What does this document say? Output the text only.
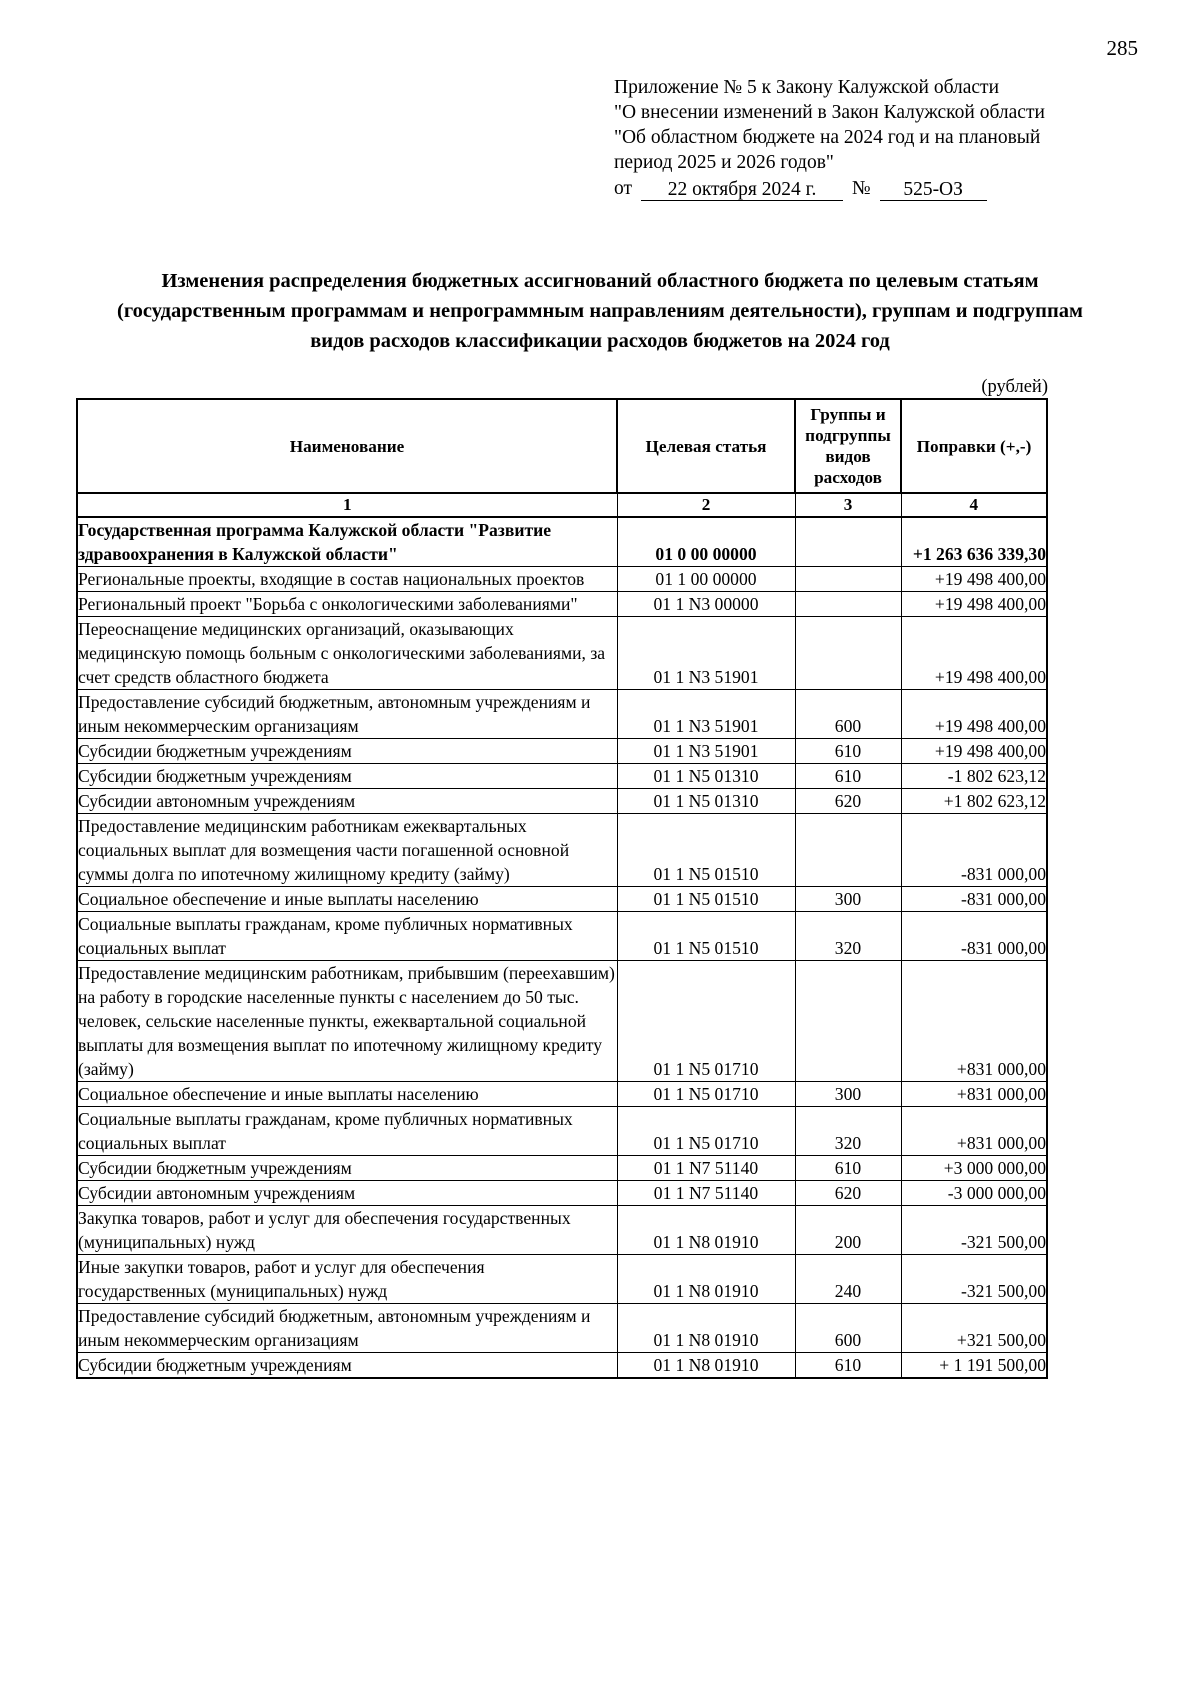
285
Приложение № 5 к Закону Калужской области
"О внесении изменений в Закон Калужской области
"Об областном бюджете на 2024 год и на плановый
период 2025 и 2026 годов"
от	22 октября 2024 г.	№	525-ОЗ
Изменения распределения бюджетных ассигнований областного бюджета по целевым статьям (государственным программам и непрограммным направлениям деятельности), группам и подгруппам видов расходов классификации расходов бюджетов на 2024 год
(рублей)
Наименование	Целевая статья	Группы и подгруппы видов расходов	Поправки (+,-)
1	2	3	4
Государственная программа Калужской области "Развитие здравоохранения в Калужской области"	01 0 00 00000		+1 263 636 339,30
Региональные проекты, входящие в состав национальных проектов	01 1 00 00000		+19 498 400,00
Региональный проект "Борьба с онкологическими заболеваниями"	01 1 N3 00000		+19 498 400,00
Переоснащение медицинских организаций, оказывающих медицинскую помощь больным с онкологическими заболеваниями, за счет средств областного бюджета	01 1 N3 51901		+19 498 400,00
Предоставление субсидий бюджетным, автономным учреждениям и иным некоммерческим организациям	01 1 N3 51901	600	+19 498 400,00
Субсидии бюджетным учреждениям	01 1 N3 51901	610	+19 498 400,00
Субсидии бюджетным учреждениям	01 1 N5 01310	610	-1 802 623,12
Субсидии автономным учреждениям	01 1 N5 01310	620	+1 802 623,12
Предоставление медицинским работникам ежеквартальных социальных выплат для возмещения части погашенной основной суммы долга по ипотечному жилищному кредиту (займу)	01 1 N5 01510		-831 000,00
Социальное обеспечение и иные выплаты населению	01 1 N5 01510	300	-831 000,00
Социальные выплаты гражданам, кроме публичных нормативных социальных выплат	01 1 N5 01510	320	-831 000,00
Предоставление медицинским работникам, прибывшим (переехавшим) на работу в городские населенные пункты с населением до 50 тыс. человек, сельские населенные пункты, ежеквартальной социальной выплаты для возмещения выплат по ипотечному жилищному кредиту (займу)	01 1 N5 01710		+831 000,00
Социальное обеспечение и иные выплаты населению	01 1 N5 01710	300	+831 000,00
Социальные выплаты гражданам, кроме публичных нормативных социальных выплат	01 1 N5 01710	320	+831 000,00
Субсидии бюджетным учреждениям	01 1 N7 51140	610	+3 000 000,00
Субсидии автономным учреждениям	01 1 N7 51140	620	-3 000 000,00
Закупка товаров, работ и услуг для обеспечения государственных (муниципальных) нужд	01 1 N8 01910	200	-321 500,00
Иные закупки товаров, работ и услуг для обеспечения государственных (муниципальных) нужд	01 1 N8 01910	240	-321 500,00
Предоставление субсидий бюджетным, автономным учреждениям и иным некоммерческим организациям	01 1 N8 01910	600	+321 500,00
Субсидии бюджетным учреждениям	01 1 N8 01910	610	+ 1 191 500,00
